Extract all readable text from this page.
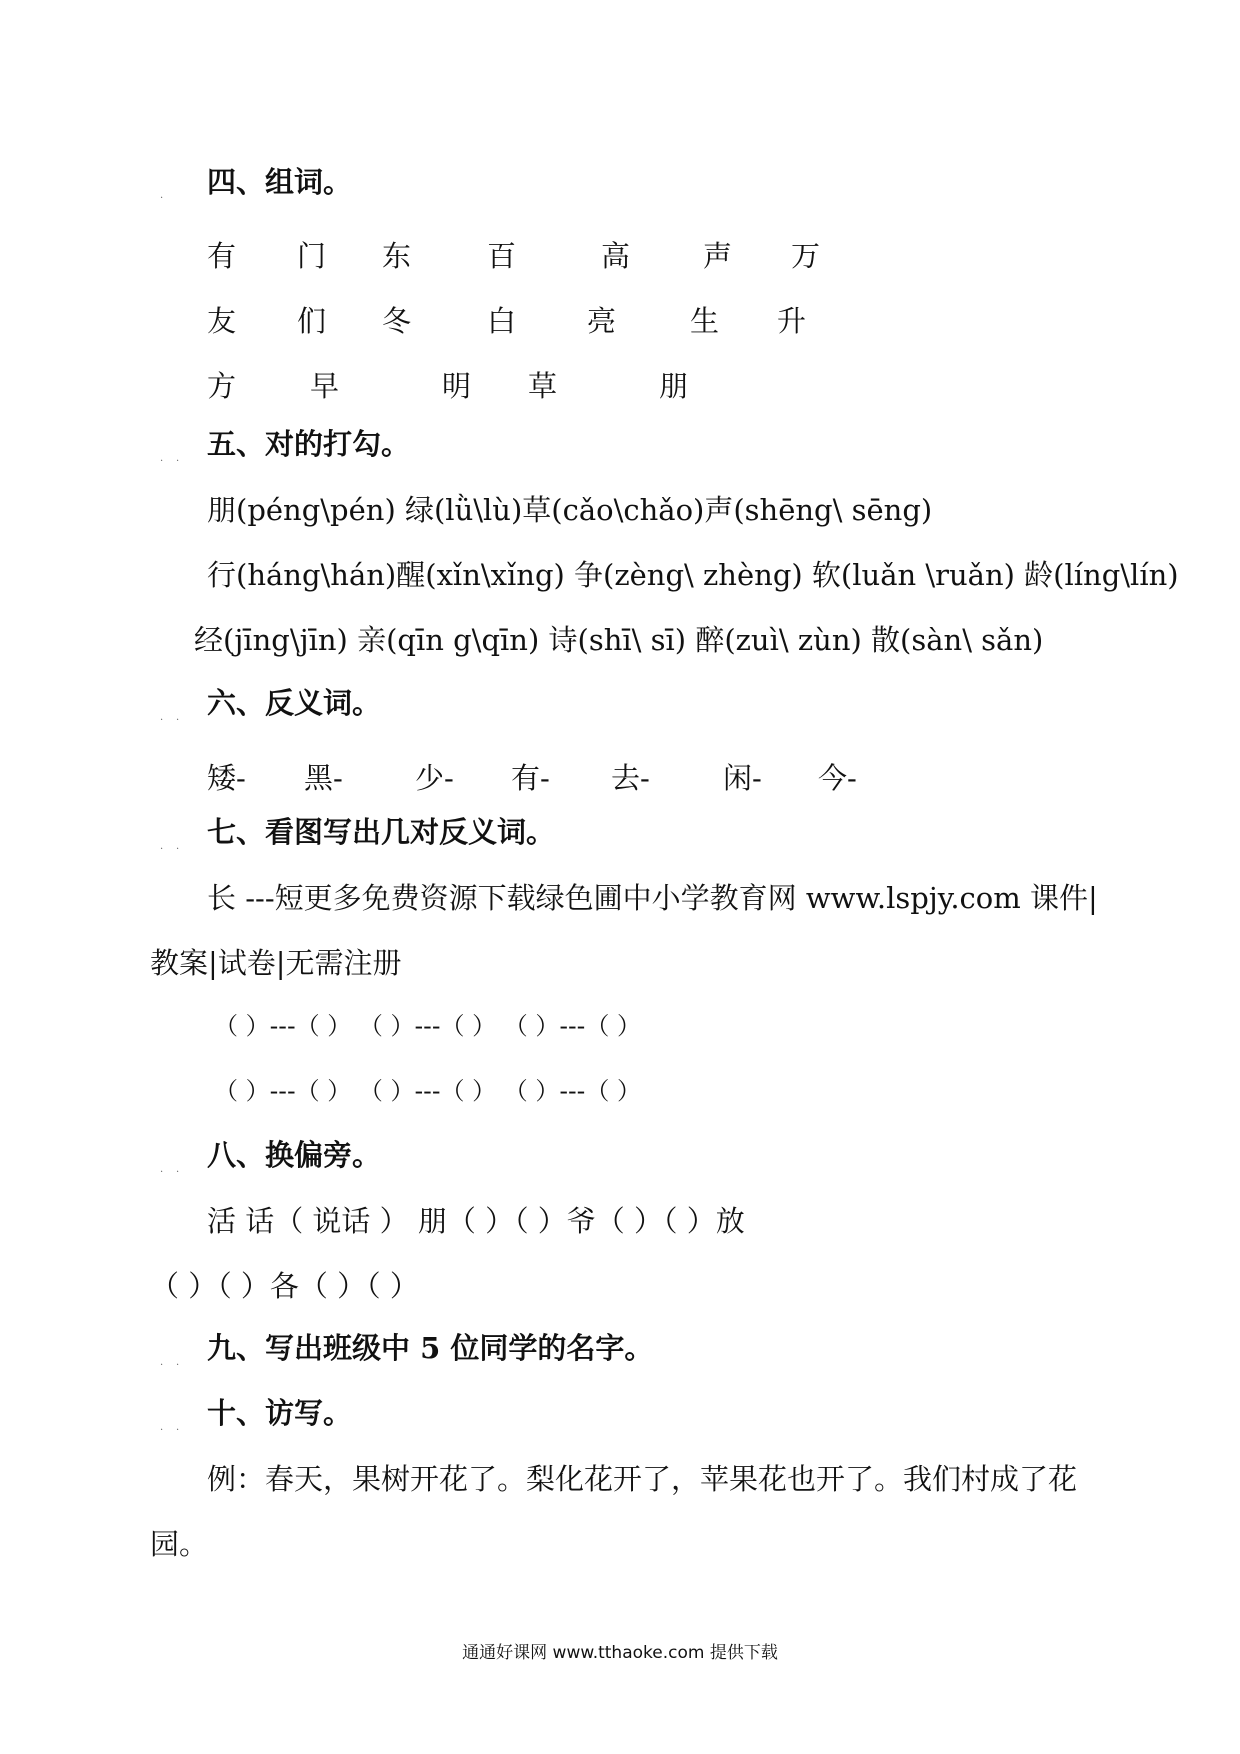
. 四、组词。
有 门 东	百	高	声 万
友 们 冬	白 亮	生 升
方	早	明 草	朋
. . 五、对的打勾。
朋(péng\pén) 绿(lǜ\lù)草(cǎo\chǎo)声(shēng\ sēng)
行(háng\hán)醒(xǐn\xǐng) 争(zèng\ zhèng) 软(luǎn \ruǎn) 龄(líng\lín)
经(jīng\jīn) 亲(qīn g\qīn) 诗(shī\ sī) 醉(zuì\ zùn) 散(sàn\ sǎn)
. . 六、反义词。
矮- 黑- 少- 有- 去-	闲- 今-
. . 七、看图写出几对反义词。
长 ---短更多免费资源下载绿色圃中小学教育网 www.lspjy.com 课件|
教案|试卷|无需注册
（ ）---（ ） （ ）---（ ） （ ）---（ ）
（ ）---（ ） （ ）---（ ） （ ）---（ ）
. . 八、换偏旁。
活 话（ 说话 ） 朋（ ）（ ）爷（ ）（ ）放
（ ）（ ）各（ ）（ ）
. . 九、写出班级中 5 位同学的名字。
. . 十、访写。
例：春天，果树开花了。梨化花开了，苹果花也开了。我们村成了花
园。
通通好课网 www.tthaoke.com 提供下载
